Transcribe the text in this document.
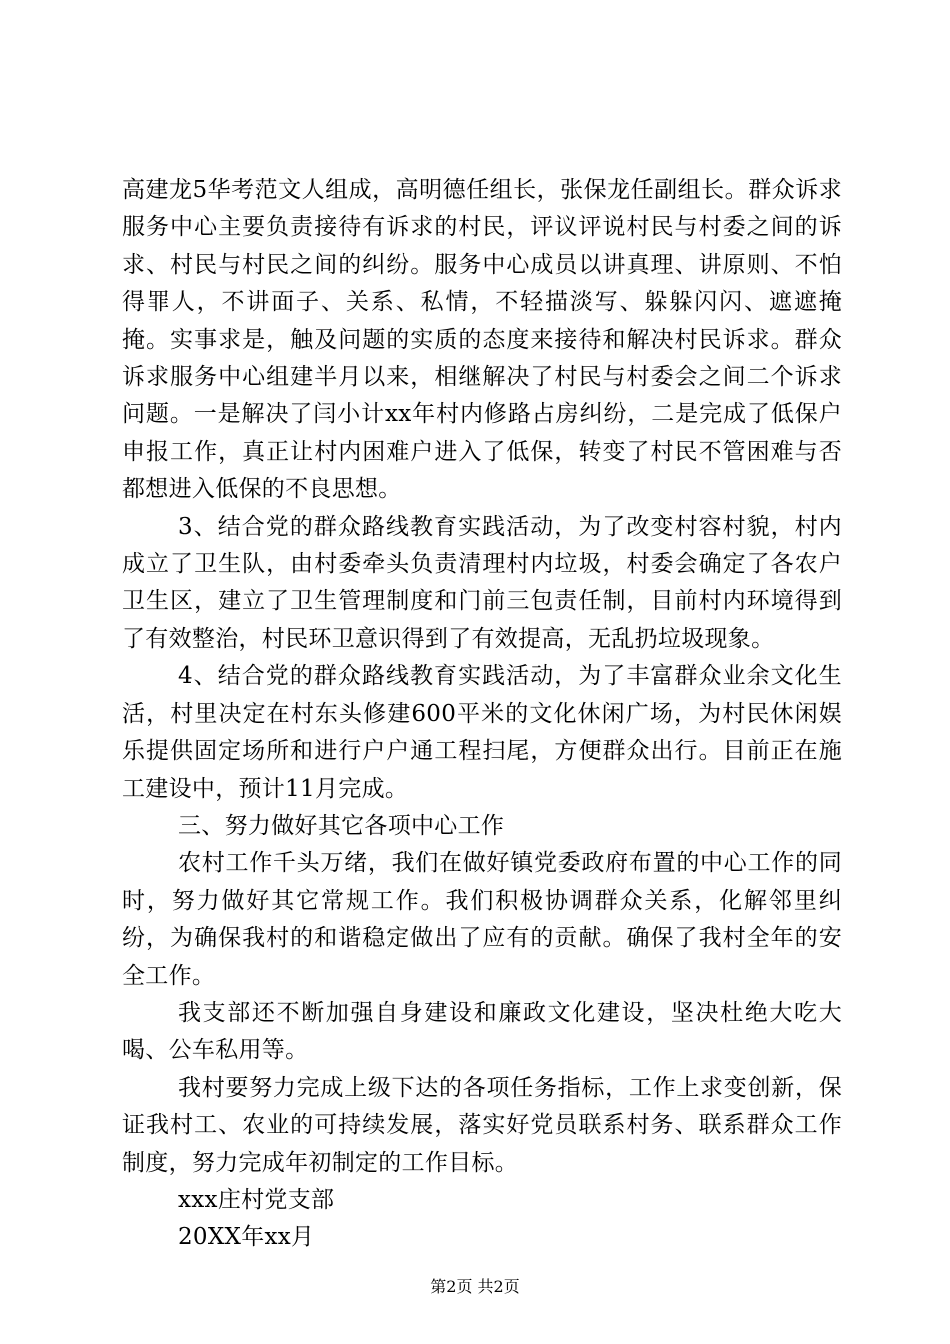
高建龙5华考范文人组成，高明德任组长，张保龙任副组长。群众诉求服务中心主要负责接待有诉求的村民，评议评说村民与村委之间的诉求、村民与村民之间的纠纷。服务中心成员以讲真理、讲原则、不怕得罪人，不讲面子、关系、私情，不轻描淡写、躲躲闪闪、遮遮掩掩。实事求是，触及问题的实质的态度来接待和解决村民诉求。群众诉求服务中心组建半月以来，相继解决了村民与村委会之间二个诉求问题。一是解决了闫小计xx年村内修路占房纠纷，二是完成了低保户申报工作，真正让村内困难户进入了低保，转变了村民不管困难与否都想进入低保的不良思想。

3、结合党的群众路线教育实践活动，为了改变村容村貌，村内成立了卫生队，由村委牵头负责清理村内垃圾，村委会确定了各农户卫生区，建立了卫生管理制度和门前三包责任制，目前村内环境得到了有效整治，村民环卫意识得到了有效提高，无乱扔垃圾现象。

4、结合党的群众路线教育实践活动，为了丰富群众业余文化生活，村里决定在村东头修建600平米的文化休闲广场，为村民休闲娱乐提供固定场所和进行户户通工程扫尾，方便群众出行。目前正在施工建设中，预计11月完成。

三、努力做好其它各项中心工作

农村工作千头万绪，我们在做好镇党委政府布置的中心工作的同时，努力做好其它常规工作。我们积极协调群众关系，化解邻里纠纷，为确保我村的和谐稳定做出了应有的贡献。确保了我村全年的安全工作。

我支部还不断加强自身建设和廉政文化建设，坚决杜绝大吃大喝、公车私用等。

我村要努力完成上级下达的各项任务指标，工作上求变创新，保证我村工、农业的可持续发展，落实好党员联系村务、联系群众工作制度，努力完成年初制定的工作目标。

xxx庄村党支部

20XX年xx月

第2页 共2页
